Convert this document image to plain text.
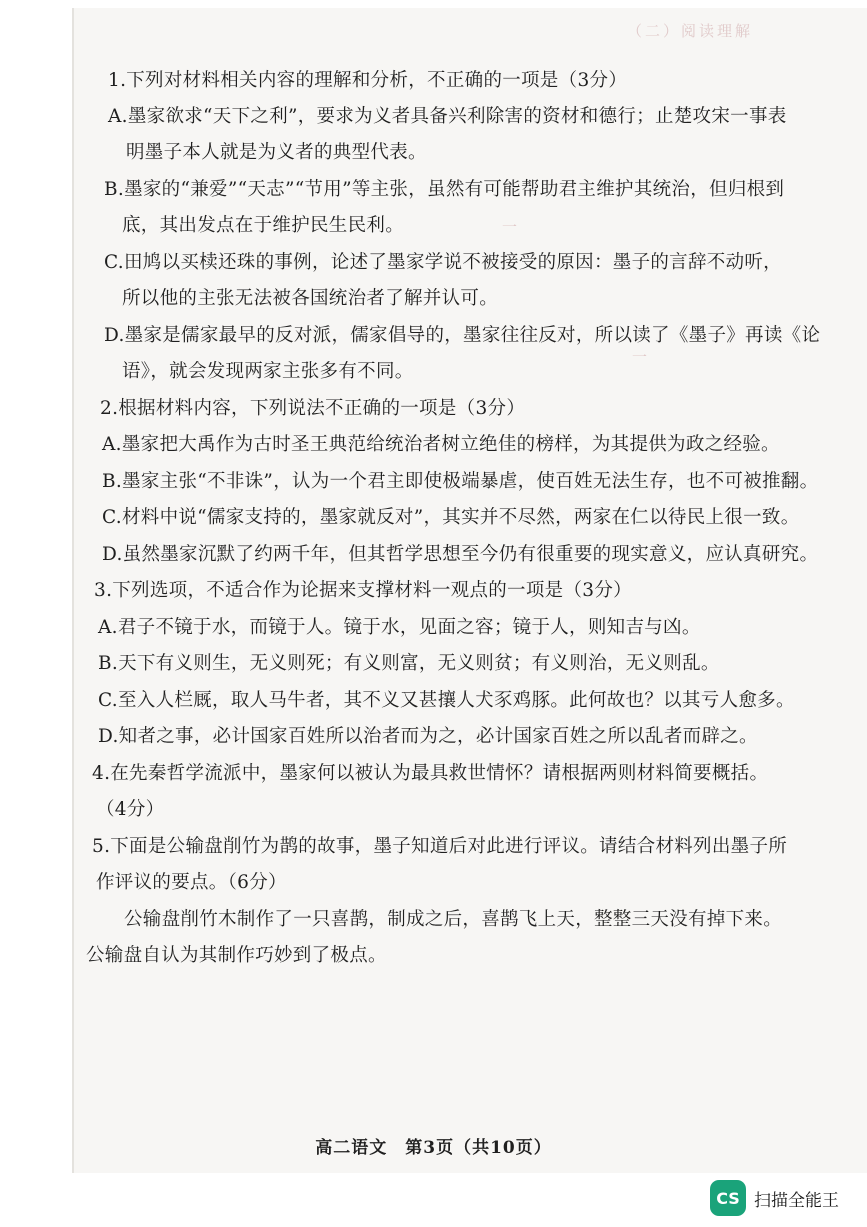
（二）阅读理解
一　　　　　　　　　　　
一　　　　　　

1.下列对材料相关内容的理解和分析，不正确的一项是（3分）
A.墨家欲求“天下之利”，要求为义者具备兴利除害的资材和德行；止楚攻宋一事表
明墨子本人就是为义者的典型代表。
B.墨家的“兼爱”“天志”“节用”等主张，虽然有可能帮助君主维护其统治，但归根到
底，其出发点在于维护民生民利。
C.田鸠以买椟还珠的事例，论述了墨家学说不被接受的原因：墨子的言辞不动听，
所以他的主张无法被各国统治者了解并认可。
D.墨家是儒家最早的反对派，儒家倡导的，墨家往往反对，所以读了《墨子》再读《论
语》，就会发现两家主张多有不同。
2.根据材料内容，下列说法不正确的一项是（3分）
A.墨家把大禹作为古时圣王典范给统治者树立绝佳的榜样，为其提供为政之经验。
B.墨家主张“不非诛”，认为一个君主即使极端暴虐，使百姓无法生存，也不可被推翻。
C.材料中说“儒家支持的，墨家就反对”，其实并不尽然，两家在仁以待民上很一致。
D.虽然墨家沉默了约两千年，但其哲学思想至今仍有很重要的现实意义，应认真研究。
3.下列选项，不适合作为论据来支撑材料一观点的一项是（3分）
A.君子不镜于水，而镜于人。镜于水，见面之容；镜于人，则知吉与凶。
B.天下有义则生，无义则死；有义则富，无义则贫；有义则治，无义则乱。
C.至入人栏厩，取人马牛者，其不义又甚攘人犬豕鸡豚。此何故也？以其亏人愈多。
D.知者之事，必计国家百姓所以治者而为之，必计国家百姓之所以乱者而辟之。
4.在先秦哲学流派中，墨家何以被认为最具救世情怀？请根据两则材料简要概括。
（4分）
5.下面是公输盘削竹为鹊的故事，墨子知道后对此进行评议。请结合材料列出墨子所
作评议的要点。（6分）
公输盘削竹木制作了一只喜鹊，制成之后，喜鹊飞上天，整整三天没有掉下来。
公输盘自认为其制作巧妙到了极点。
高二语文　第3页（共10页）
CS 扫描全能王
